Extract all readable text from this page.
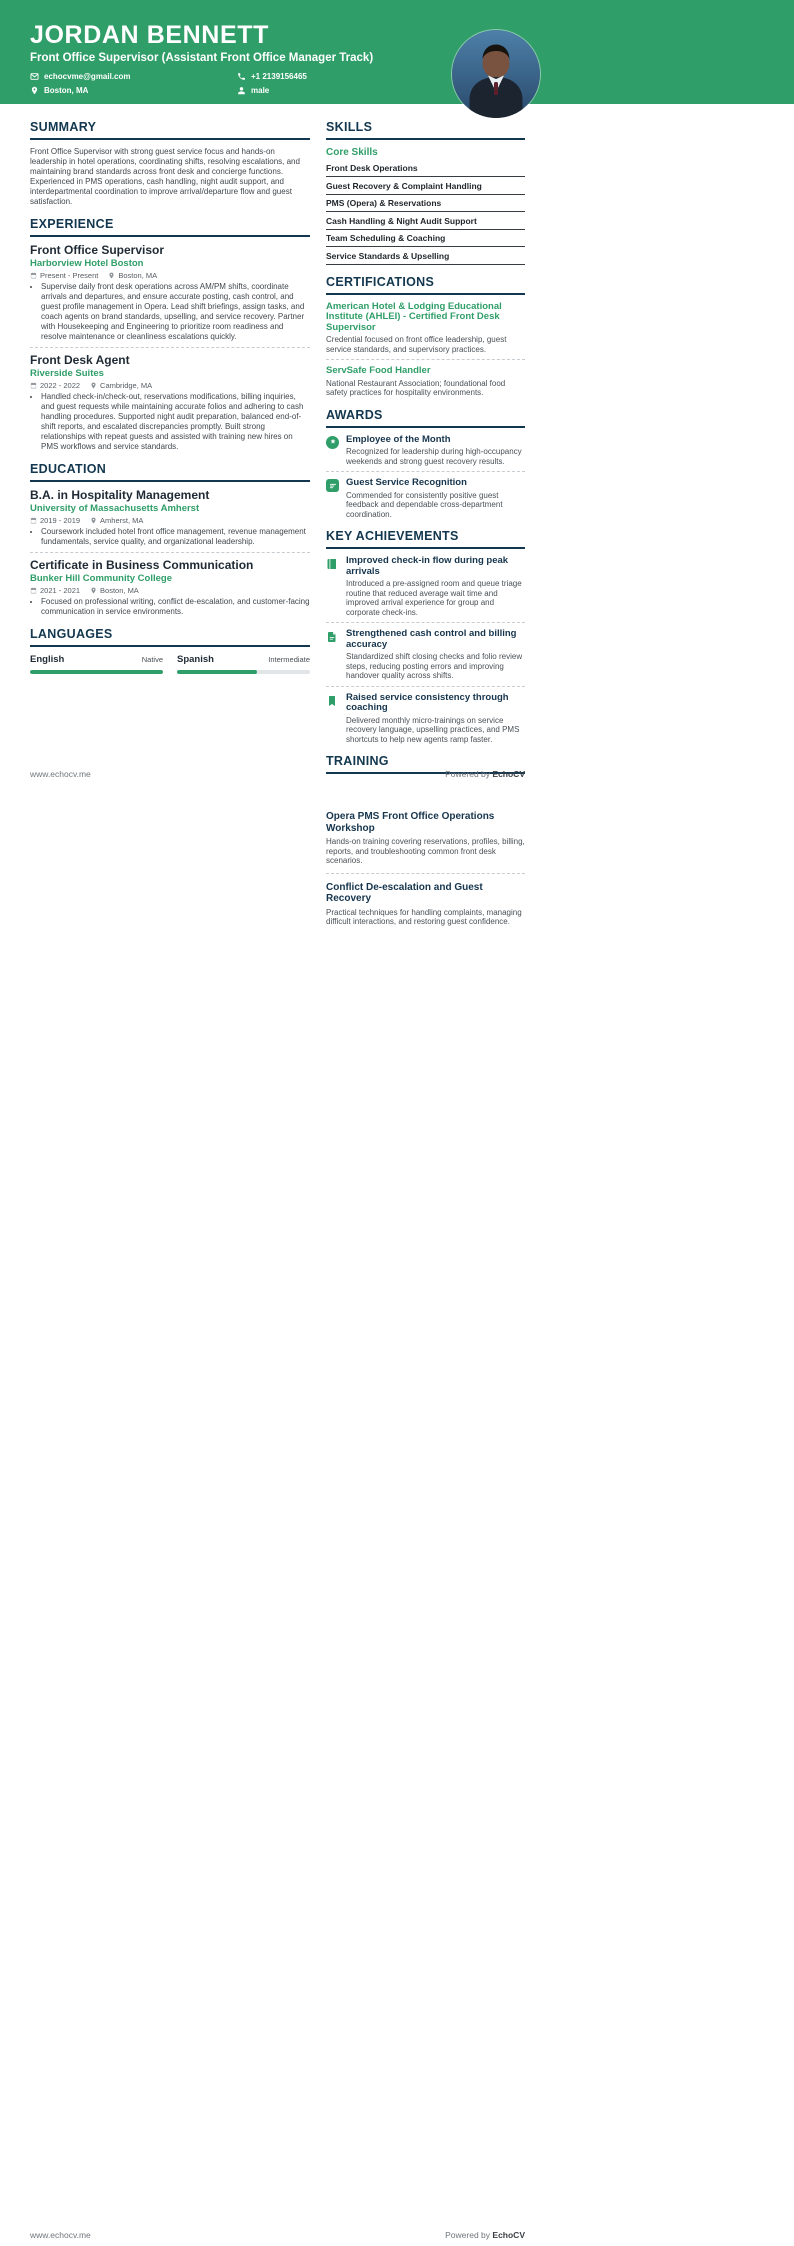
JORDAN BENNETT
Front Office Supervisor (Assistant Front Office Manager Track)
echocvme@gmail.com	+1 2139156465
Boston, MA	male
SUMMARY

Front Office Supervisor with strong guest service focus and hands-on leadership in hotel operations, coordinating shifts, resolving escalations, and maintaining brand standards across front desk and concierge functions. Experienced in PMS operations, cash handling, night audit support, and interdepartmental coordination to improve arrival/departure flow and guest satisfaction.

EXPERIENCE
Front Office Supervisor
Harborview Hotel Boston
Present - Present	Boston, MA
• Supervise daily front desk operations across AM/PM shifts, coordinate arrivals and departures, and ensure accurate posting, cash control, and guest profile management in Opera. Lead shift briefings, assign tasks, and coach agents on brand standards, upselling, and service recovery. Partner with Housekeeping and Engineering to prioritize room readiness and resolve maintenance or cleanliness escalations quickly.
Front Desk Agent
Riverside Suites
2022 - 2022	Cambridge, MA
• Handled check-in/check-out, reservations modifications, billing inquiries, and guest requests while maintaining accurate folios and adhering to cash handling procedures. Supported night audit preparation, balanced end-of-shift reports, and escalated discrepancies promptly. Built strong relationships with repeat guests and assisted with training new hires on PMS workflows and service standards.
EDUCATION
B.A. in Hospitality Management
University of Massachusetts Amherst
2019 - 2019	Amherst, MA
• Coursework included hotel front office management, revenue management fundamentals, service quality, and organizational leadership.
Certificate in Business Communication
Bunker Hill Community College
2021 - 2021	Boston, MA
• Focused on professional writing, conflict de-escalation, and customer-facing communication in service environments.
LANGUAGES
English	Native Spanish	Intermediate
SKILLS
Core Skills
Front Desk Operations
Guest Recovery & Complaint Handling
PMS (Opera) & Reservations
Cash Handling & Night Audit Support
Team Scheduling & Coaching
Service Standards & Upselling
CERTIFICATIONS
American Hotel & Lodging Educational Institute (AHLEI) - Certified Front Desk Supervisor

Credential focused on front office leadership, guest service standards, and supervisory practices.

ServSafe Food Handler

National Restaurant Association; foundational food safety practices for hospitality environments.

AWARDS
Employee of the Month

Recognized for leadership during high-occupancy weekends and strong guest recovery results.

Guest Service Recognition

Commended for consistently positive guest feedback and dependable cross-department coordination.

KEY ACHIEVEMENTS
Improved check-in flow during peak arrivals

Introduced a pre-assigned room and queue triage routine that reduced average wait time and improved arrival experience for group and corporate check-ins.

Strengthened cash control and billing accuracy

Standardized shift closing checks and folio review steps, reducing posting errors and improving handover quality across shifts.

Raised service consistency through coaching

Delivered monthly micro-trainings on service recovery language, upselling practices, and PMS shortcuts to help new agents ramp faster.

TRAINING
www.echocv.me	Powered by EchoCV
Opera PMS Front Office Operations Workshop

Hands-on training covering reservations, profiles, billing, reports, and troubleshooting common front desk scenarios.

Conflict De-escalation and Guest Recovery

Practical techniques for handling complaints, managing difficult interactions, and restoring guest confidence.

www.echocv.me	Powered by EchoCV
